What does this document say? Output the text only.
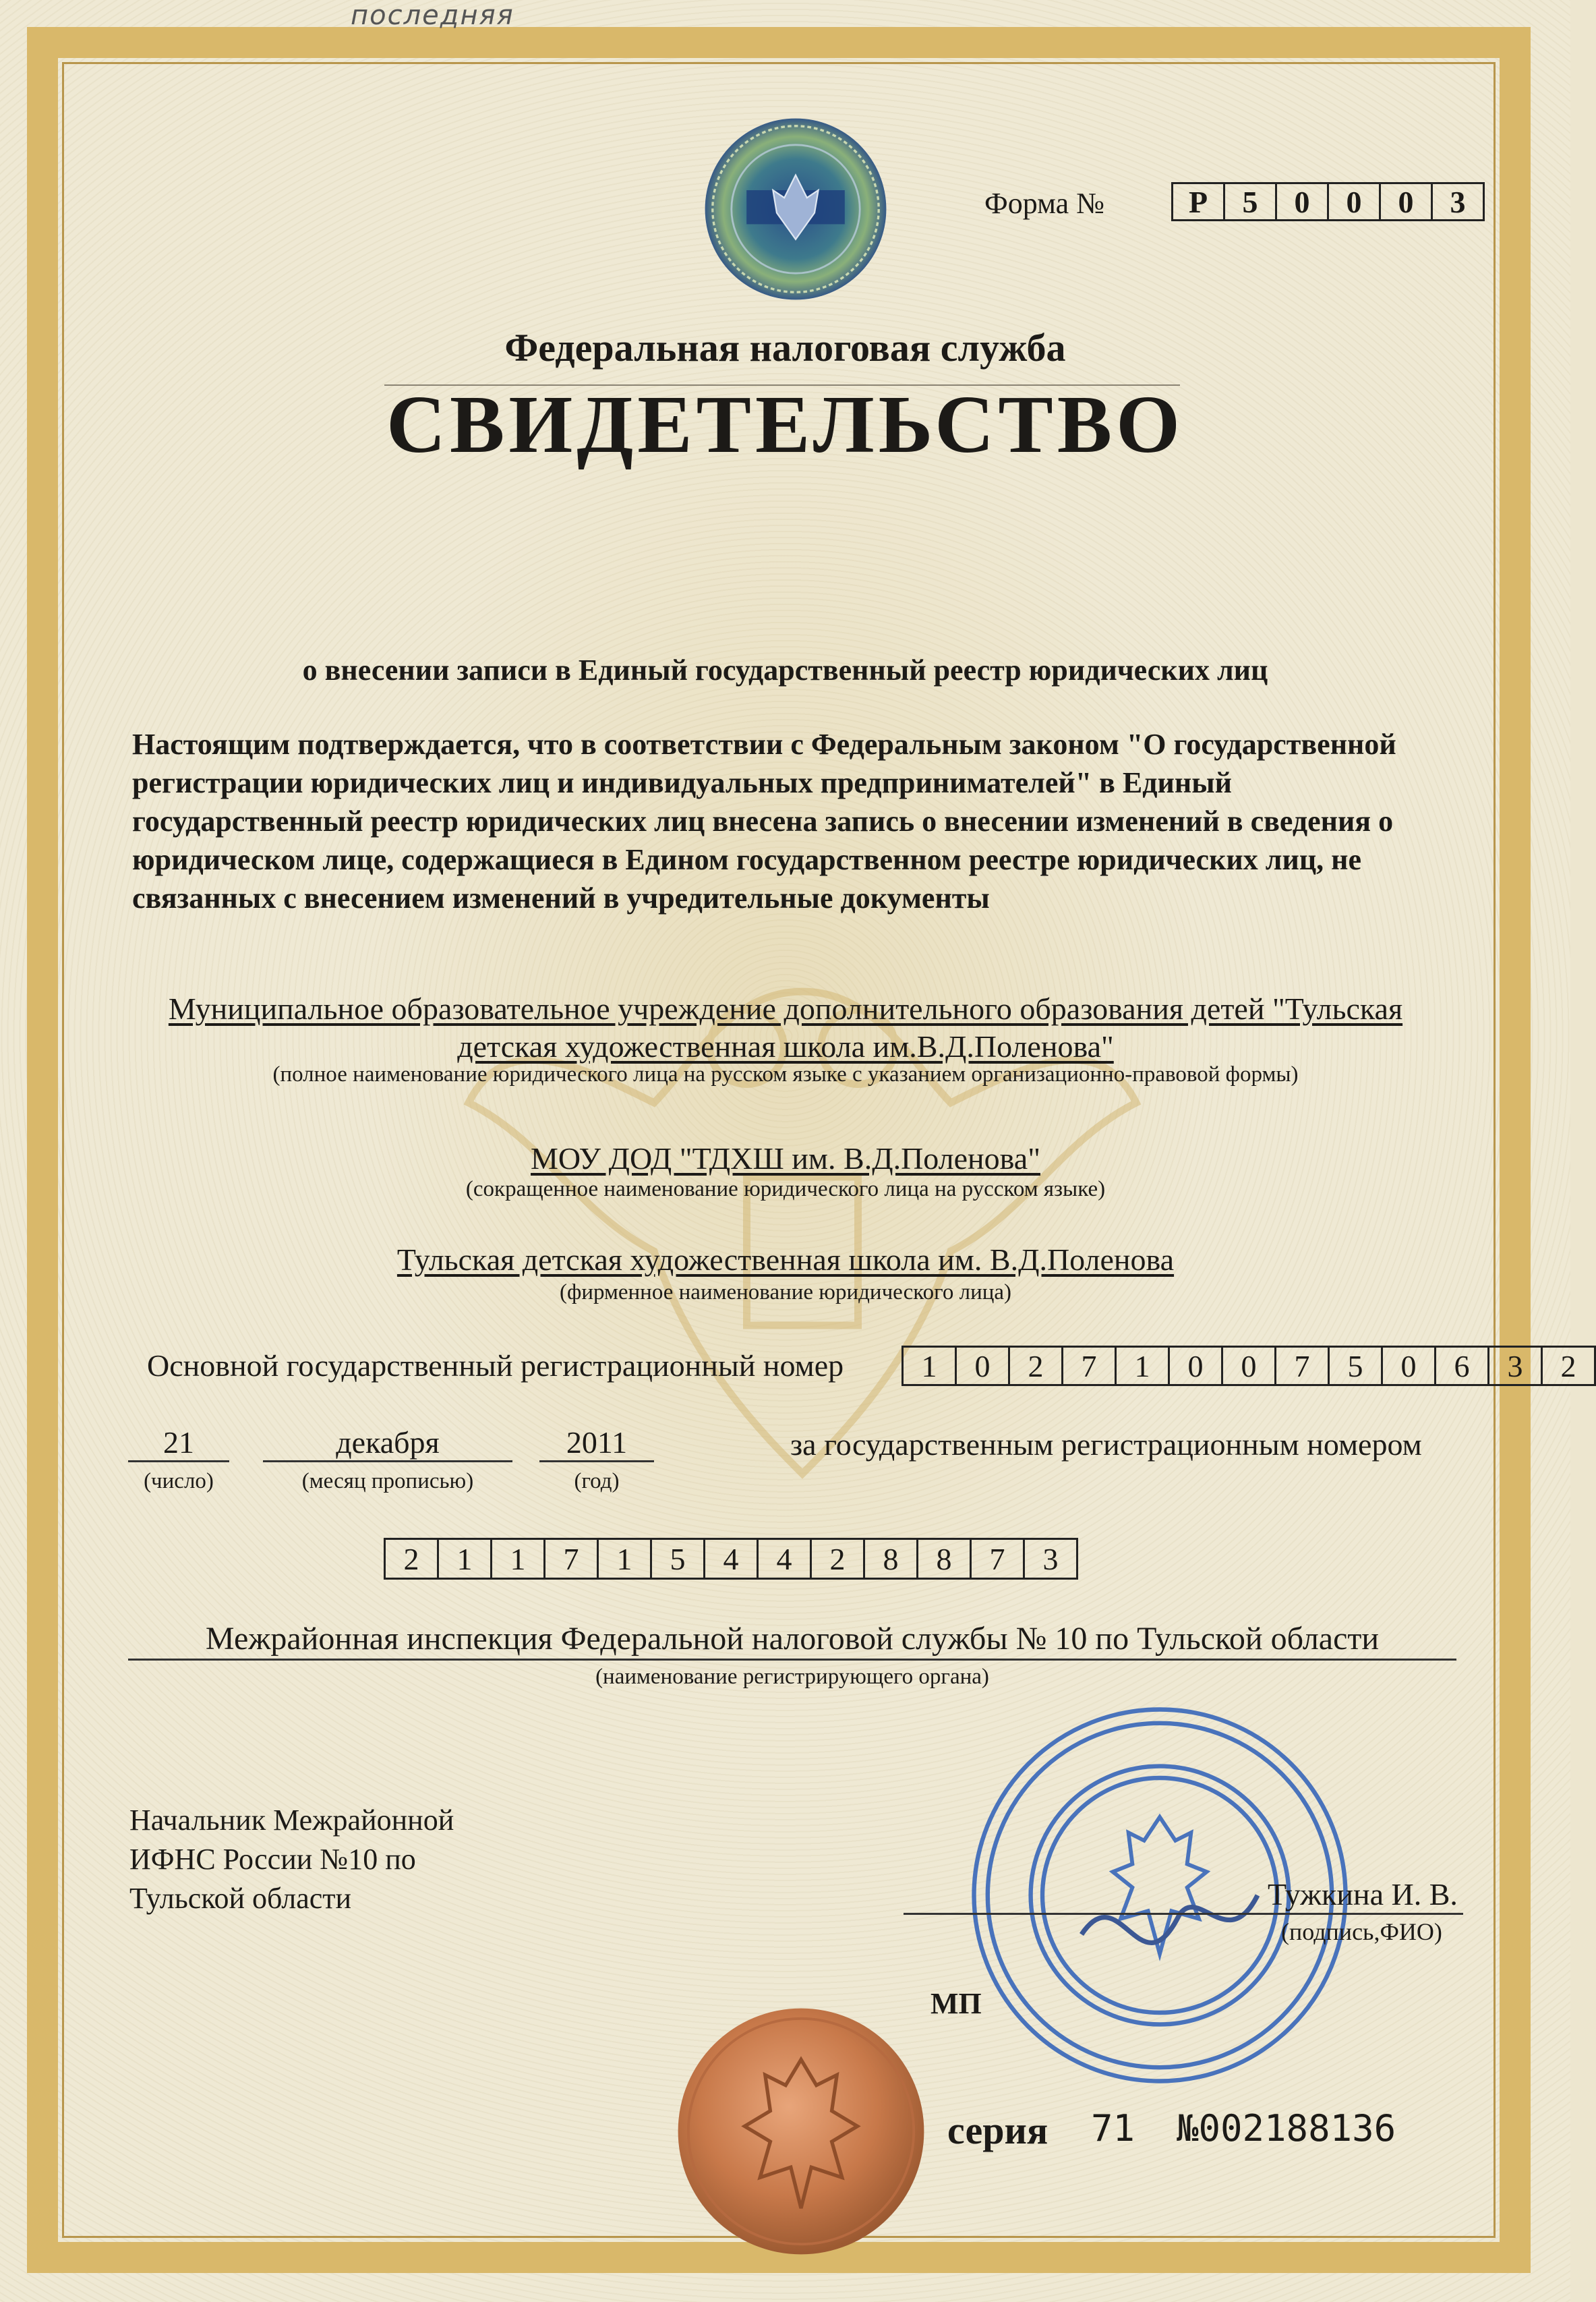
последняя
Форма №	Р	5	0	0	0	3
Федеральная налоговая служба
СВИДЕТЕЛЬСТВО
о внесении записи в Единый государственный реестр юридических лиц
Настоящим подтверждается, что в соответствии с Федеральным законом "О государственной регистрации юридических лиц и индивидуальных предпринимателей" в Единый государственный реестр юридических лиц внесена запись о внесении изменений в сведения о юридическом лице, содержащиеся в Едином государственном реестре юридических лиц, не связанных с внесением изменений в учредительные документы
Муниципальное образовательное учреждение дополнительного образования детей "Тульская
детская художественная школа им.В.Д.Поленова"
(полное наименование юридического лица на русском языке с указанием организационно-правовой формы)
МОУ ДОД "ТДХШ им. В.Д.Поленова"
(сокращенное наименование юридического лица на русском языке)
Тульская детская художественная школа им. В.Д.Поленова
(фирменное наименование юридического лица)
Основной государственный регистрационный номер	1	0	2	7	1	0	0	7	5	0	6	3	2
21
(число)
декабря
(месяц прописью)
2011
(год)
за государственным регистрационным номером
2	1	1	7	1	5	4	4	2	8	8	7	3
Межрайонная инспекция Федеральной налоговой службы № 10 по Тульской области
(наименование регистрирующего органа)
Начальник Межрайонной
ИФНС России №10 по
Тульской области	Тужкина И. В.
(подпись,ФИО)
МП
серия 71 №002188136
